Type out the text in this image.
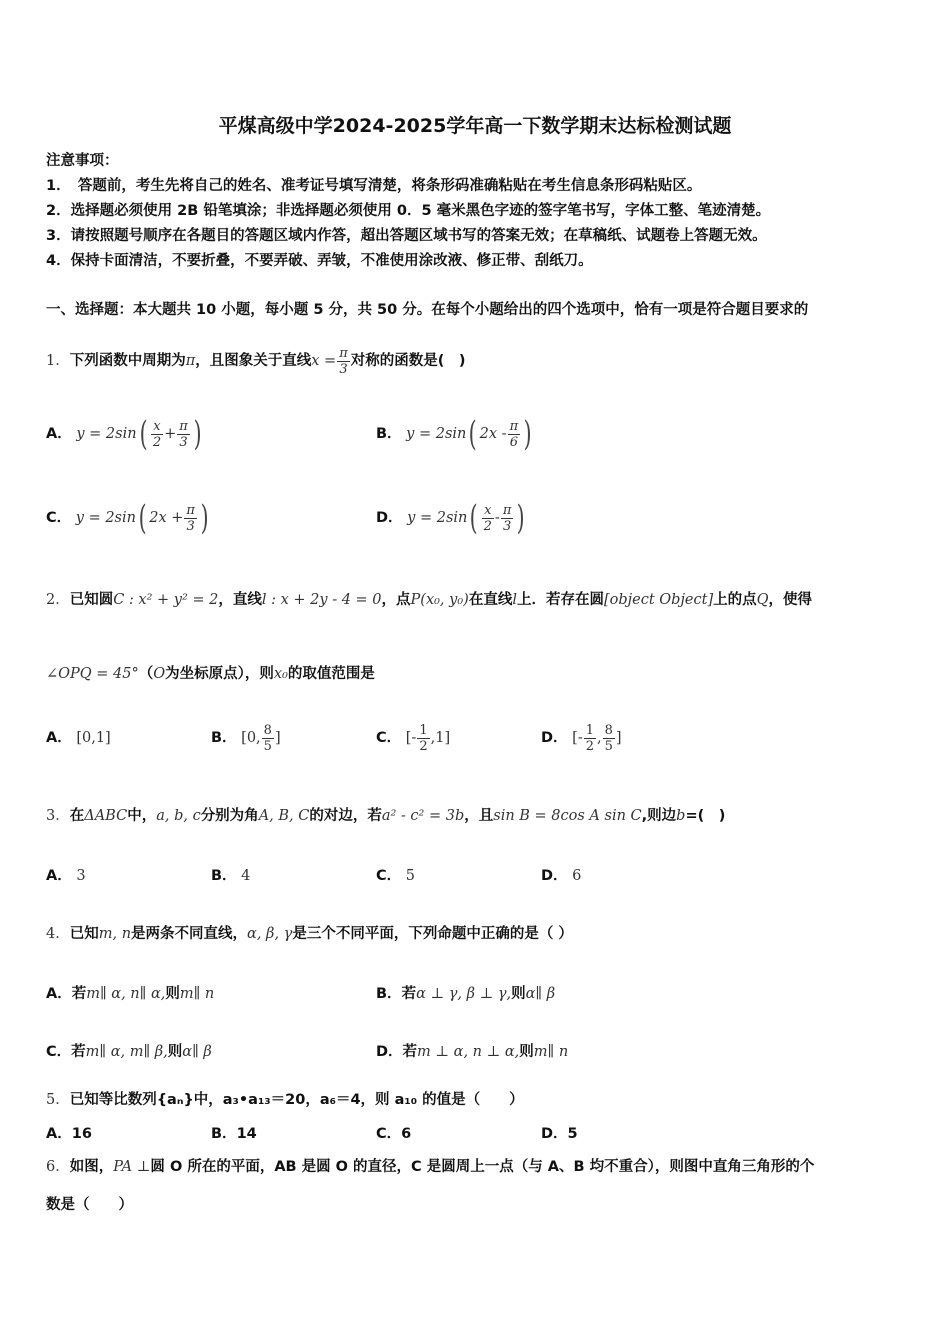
平煤高级中学2024-2025学年高一下数学期末达标检测试题
注意事项：
1．　答题前，考生先将自己的姓名、准考证号填写清楚，将条形码准确粘贴在考生信息条形码粘贴区。
2．选择题必须使用 2B 铅笔填涂；非选择题必须使用 0．5 毫米黑色字迹的签字笔书写，字体工整、笔迹清楚。
3．请按照题号顺序在各题目的答题区域内作答，超出答题区域书写的答案无效；在草稿纸、试题卷上答题无效。
4．保持卡面清洁，不要折叠，不要弄破、弄皱，不准使用涂改液、修正带、刮纸刀。
一、选择题：本大题共 10 小题，每小题 5 分，共 50 分。在每个小题给出的四个选项中，恰有一项是符合题目要求的
1．下列函数中周期为π，且图象关于直线$x = \frac{\pi}{3}$ 对称的函数是(　)
A． $y = 2\sin( \frac{x}{2} + \frac{\pi}{3}$ )	B． y = 2sin( $2x - \frac{\pi}{6}$ )
C． y = 2sin( $2x + \frac{\pi}{3}$ )	D． $y = 2\sin( \frac{x}{2} - \frac{\pi}{3}$ )
2．已知圆C : x² + y² = 2，直线l : x + 2y - 4 = 0，点P(x₀, y₀)在直线l上．若存在圆[object Object]上的点Q，使得
∠OPQ = 45°（O为坐标原点），则x₀的取值范围是
A． [0,1]	B． [0, $\frac{8}{5}$ ]	C． [- $\frac{1}{2} ,1$]	D． [- $\frac{1}{2}$ , $\frac{8}{5}$ ]
3．在ΔABC中，a, b, c分别为角A, B, C的对边，若a² - c² = 3b，且sin B = 8cos A sin C,则边b=(　)
A． 3	B． 4	C． 5	D． 6
4．已知m, n是两条不同直线，α, β, γ是三个不同平面，下列命题中正确的是（ ）
A．若m∥ α, n∥ α,则m∥ n	B．若α ⊥ γ, β ⊥ γ,则α∥ β
C．若m∥ α, m∥ β,则α∥ β	D．若m ⊥ α, n ⊥ α,则m∥ n
5．已知等比数列{aₙ}中，a₃•a₁₃＝20，a₆＝4，则 a₁₀ 的值是（　　）
A．16	B．14	C．6	D．5
6．如图，PA ⊥圆 O 所在的平面，AB 是圆 O 的直径，C 是圆周上一点（与 A、B 均不重合），则图中直角三角形的个
数是（　　）
